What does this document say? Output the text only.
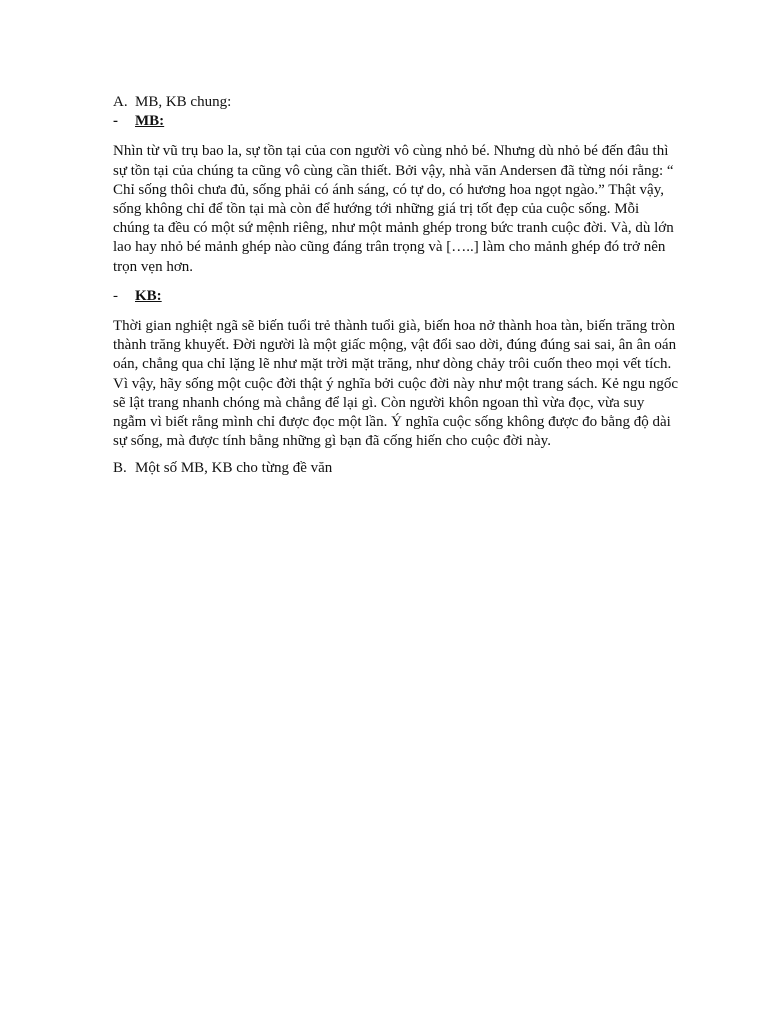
A. MB, KB chung:
-	MB:

Nhìn từ vũ trụ bao la, sự tồn tại của con người vô cùng nhỏ bé. Nhưng dù nhỏ bé đến đâu thì sự tồn tại của chúng ta cũng vô cùng cần thiết. Bởi vậy, nhà văn Andersen đã từng nói rằng: “ Chỉ sống thôi chưa đủ, sống phải có ánh sáng, có tự do, có hương hoa ngọt ngào.” Thật vậy, sống không chỉ để tồn tại mà còn để hướng tới những giá trị tốt đẹp của cuộc sống. Mỗi chúng ta đều có một sứ mệnh riêng, như một mảnh ghép trong bức tranh cuộc đời. Và, dù lớn lao hay nhỏ bé mảnh ghép nào cũng đáng trân trọng và […..] làm cho mảnh ghép đó trở nên trọn vẹn hơn.

-	KB:

Thời gian nghiệt ngã sẽ biến tuổi trẻ thành tuổi già, biến hoa nở thành hoa tàn, biến trăng tròn thành trăng khuyết. Đời người là một giấc mộng, vật đổi sao dời, đúng đúng sai sai, ân ân oán oán, chẳng qua chỉ lặng lẽ như mặt trời mặt trăng, như dòng chảy trôi cuốn theo mọi vết tích. Vì vậy, hãy sống một cuộc đời thật ý nghĩa bởi cuộc đời này như một trang sách. Kẻ ngu ngốc sẽ lật trang nhanh chóng mà chẳng để lại gì. Còn người khôn ngoan thì vừa đọc, vừa suy ngẫm vì biết rằng mình chỉ được đọc một lần. Ý nghĩa cuộc sống không được đo bằng độ dài sự sống, mà được tính bằng những gì bạn đã cống hiến cho cuộc đời này.

B. Một số MB, KB cho từng đề văn
